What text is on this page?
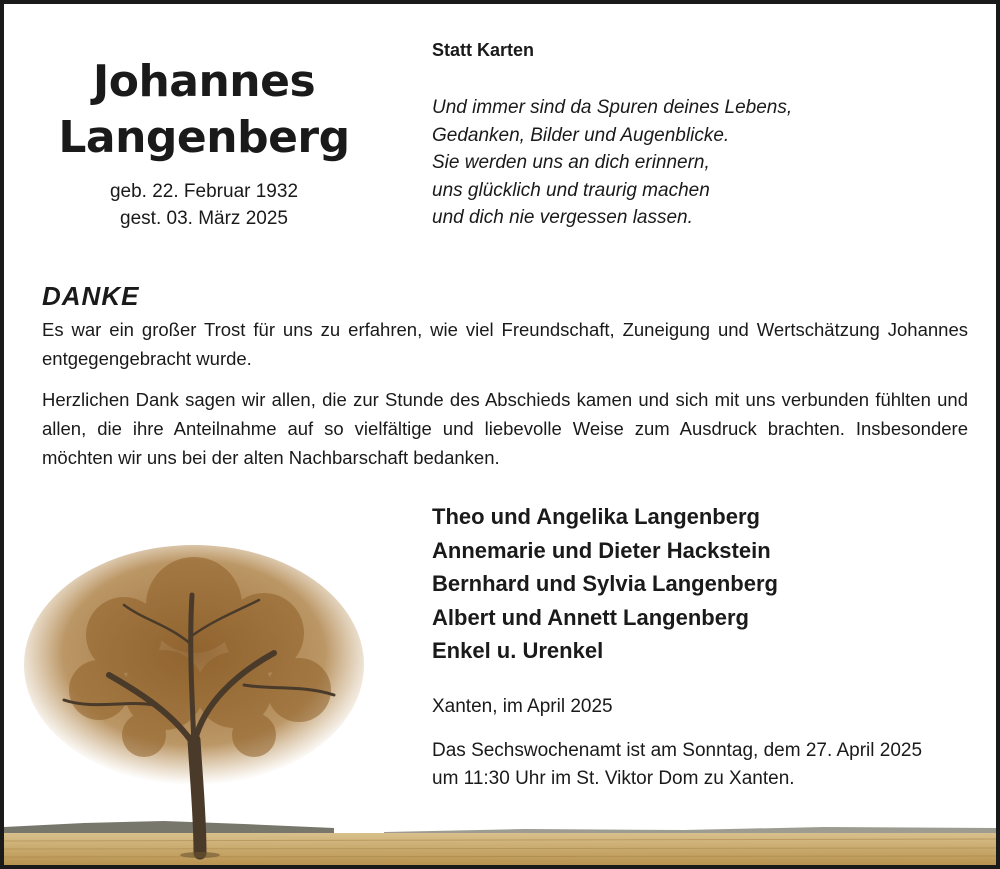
Johannes
Langenberg
geb. 22. Februar 1932
gest. 03. März 2025
Statt Karten
Und immer sind da Spuren deines Lebens,
Gedanken, Bilder und Augenblicke.
Sie werden uns an dich erinnern,
uns glücklich und traurig machen
und dich nie vergessen lassen.
DANKE

Es war ein großer Trost für uns zu erfahren, wie viel Freundschaft, Zuneigung und Wertschätzung Johannes entgegengebracht wurde.

Herzlichen Dank sagen wir allen, die zur Stunde des Abschieds kamen und sich mit uns verbunden fühlten und allen, die ihre Anteilnahme auf so vielfältige und liebevolle Weise zum Ausdruck brachten. Insbesondere möchten wir uns bei der alten Nachbarschaft bedanken.

Theo und Angelika Langenberg
Annemarie und Dieter Hackstein
Bernhard und Sylvia Langenberg
Albert und Annett Langenberg
Enkel u. Urenkel
Xanten, im April 2025
Das Sechswochenamt ist am Sonntag, dem 27. April 2025
um 11:30 Uhr im St. Viktor Dom zu Xanten.
